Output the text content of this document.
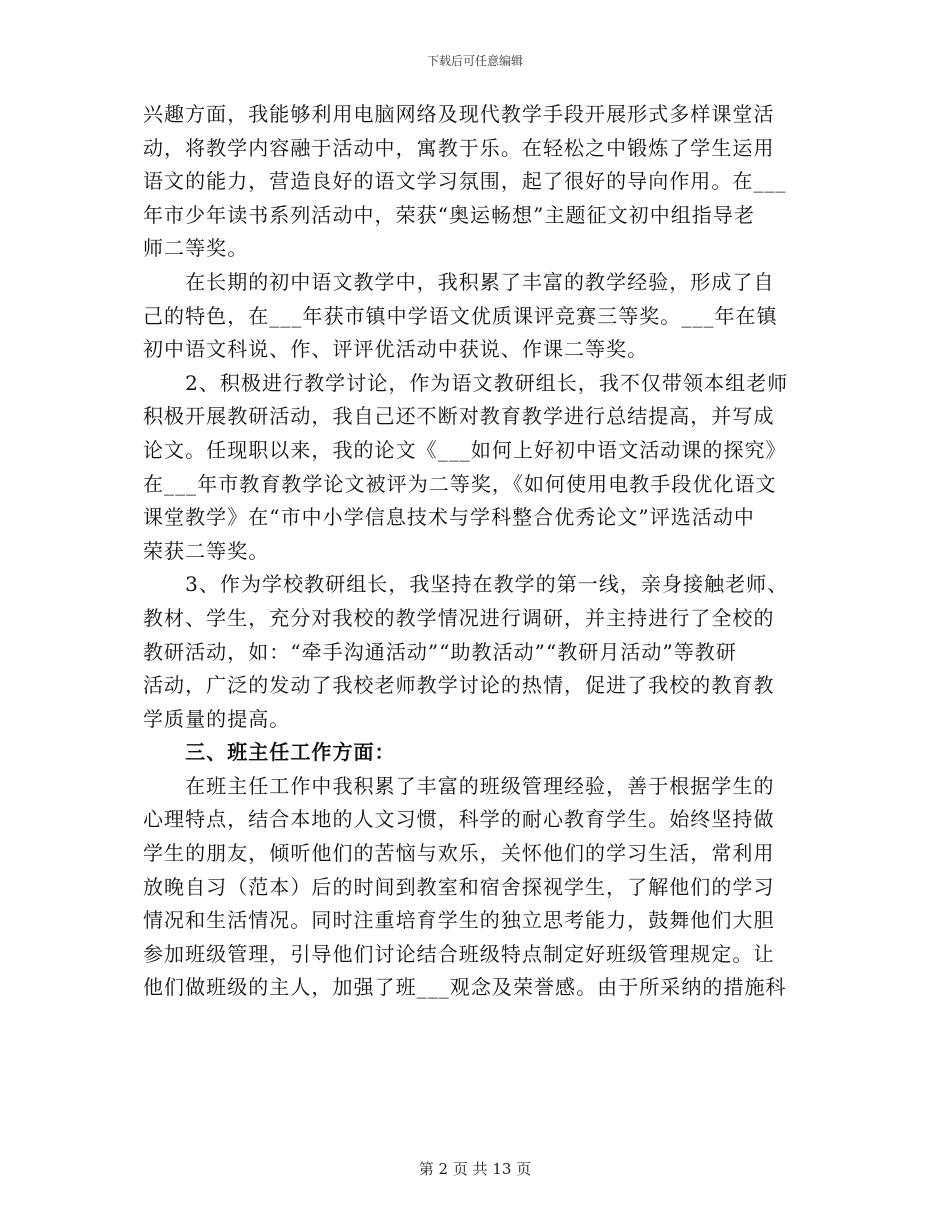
下载后可任意编辑
兴趣方面，我能够利用电脑网络及现代教学手段开展形式多样课堂活
动，将教学内容融于活动中，寓教于乐。在轻松之中锻炼了学生运用
语文的能力，营造良好的语文学习氛围，起了很好的导向作用。在___
年市少年读书系列活动中，荣获“奥运畅想”主题征文初中组指导老
师二等奖。
　　在长期的初中语文教学中，我积累了丰富的教学经验，形成了自
己的特色，在___年获市镇中学语文优质课评竞赛三等奖。___年在镇
初中语文科说、作、评评优活动中获说、作课二等奖。
　　2、积极进行教学讨论，作为语文教研组长，我不仅带领本组老师
积极开展教研活动，我自己还不断对教育教学进行总结提高，并写成
论文。任现职以来，我的论文《___如何上好初中语文活动课的探究》
在___年市教育教学论文被评为二等奖，《如何使用电教手段优化语文
课堂教学》在“市中小学信息技术与学科整合优秀论文”评选活动中
荣获二等奖。
　　3、作为学校教研组长，我坚持在教学的第一线，亲身接触老师、
教材、学生，充分对我校的教学情况进行调研，并主持进行了全校的
教研活动，如：“牵手沟通活动”“助教活动”“教研月活动”等教研
活动，广泛的发动了我校老师教学讨论的热情，促进了我校的教育教
学质量的提高。
　　三、班主任工作方面：
　　在班主任工作中我积累了丰富的班级管理经验，善于根据学生的
心理特点，结合本地的人文习惯，科学的耐心教育学生。始终坚持做
学生的朋友，倾听他们的苦恼与欢乐，关怀他们的学习生活，常利用
放晚自习（范本）后的时间到教室和宿舍探视学生，了解他们的学习
情况和生活情况。同时注重培育学生的独立思考能力，鼓舞他们大胆
参加班级管理，引导他们讨论结合班级特点制定好班级管理规定。让
他们做班级的主人，加强了班___观念及荣誉感。由于所采纳的措施科
第 2 页 共 13 页
